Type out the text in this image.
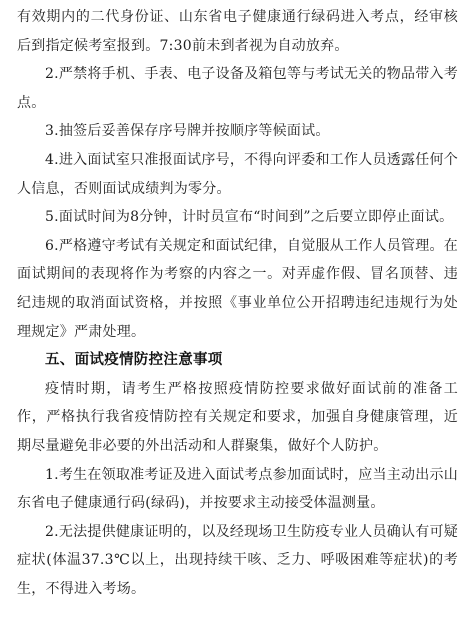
有效期内的二代身份证、山东省电子健康通行绿码进入考点，经审核后到指定候考室报到。7:30前未到者视为自动放弃。

2.严禁将手机、手表、电子设备及箱包等与考试无关的物品带入考点。

3.抽签后妥善保存序号牌并按顺序等候面试。

4.进入面试室只准报面试序号，不得向评委和工作人员透露任何个人信息，否则面试成绩判为零分。

5.面试时间为8分钟，计时员宣布“时间到”之后要立即停止面试。

6.严格遵守考试有关规定和面试纪律，自觉服从工作人员管理。在面试期间的表现将作为考察的内容之一。对弄虚作假、冒名顶替、违纪违规的取消面试资格，并按照《事业单位公开招聘违纪违规行为处理规定》严肃处理。

五、面试疫情防控注意事项

疫情时期，请考生严格按照疫情防控要求做好面试前的准备工作，严格执行我省疫情防控有关规定和要求，加强自身健康管理，近期尽量避免非必要的外出活动和人群聚集，做好个人防护。

1.考生在领取准考证及进入面试考点参加面试时，应当主动出示山东省电子健康通行码(绿码)，并按要求主动接受体温测量。

2.无法提供健康证明的，以及经现场卫生防疫专业人员确认有可疑症状(体温37.3℃以上，出现持续干咳、乏力、呼吸困难等症状)的考生，不得进入考场。
